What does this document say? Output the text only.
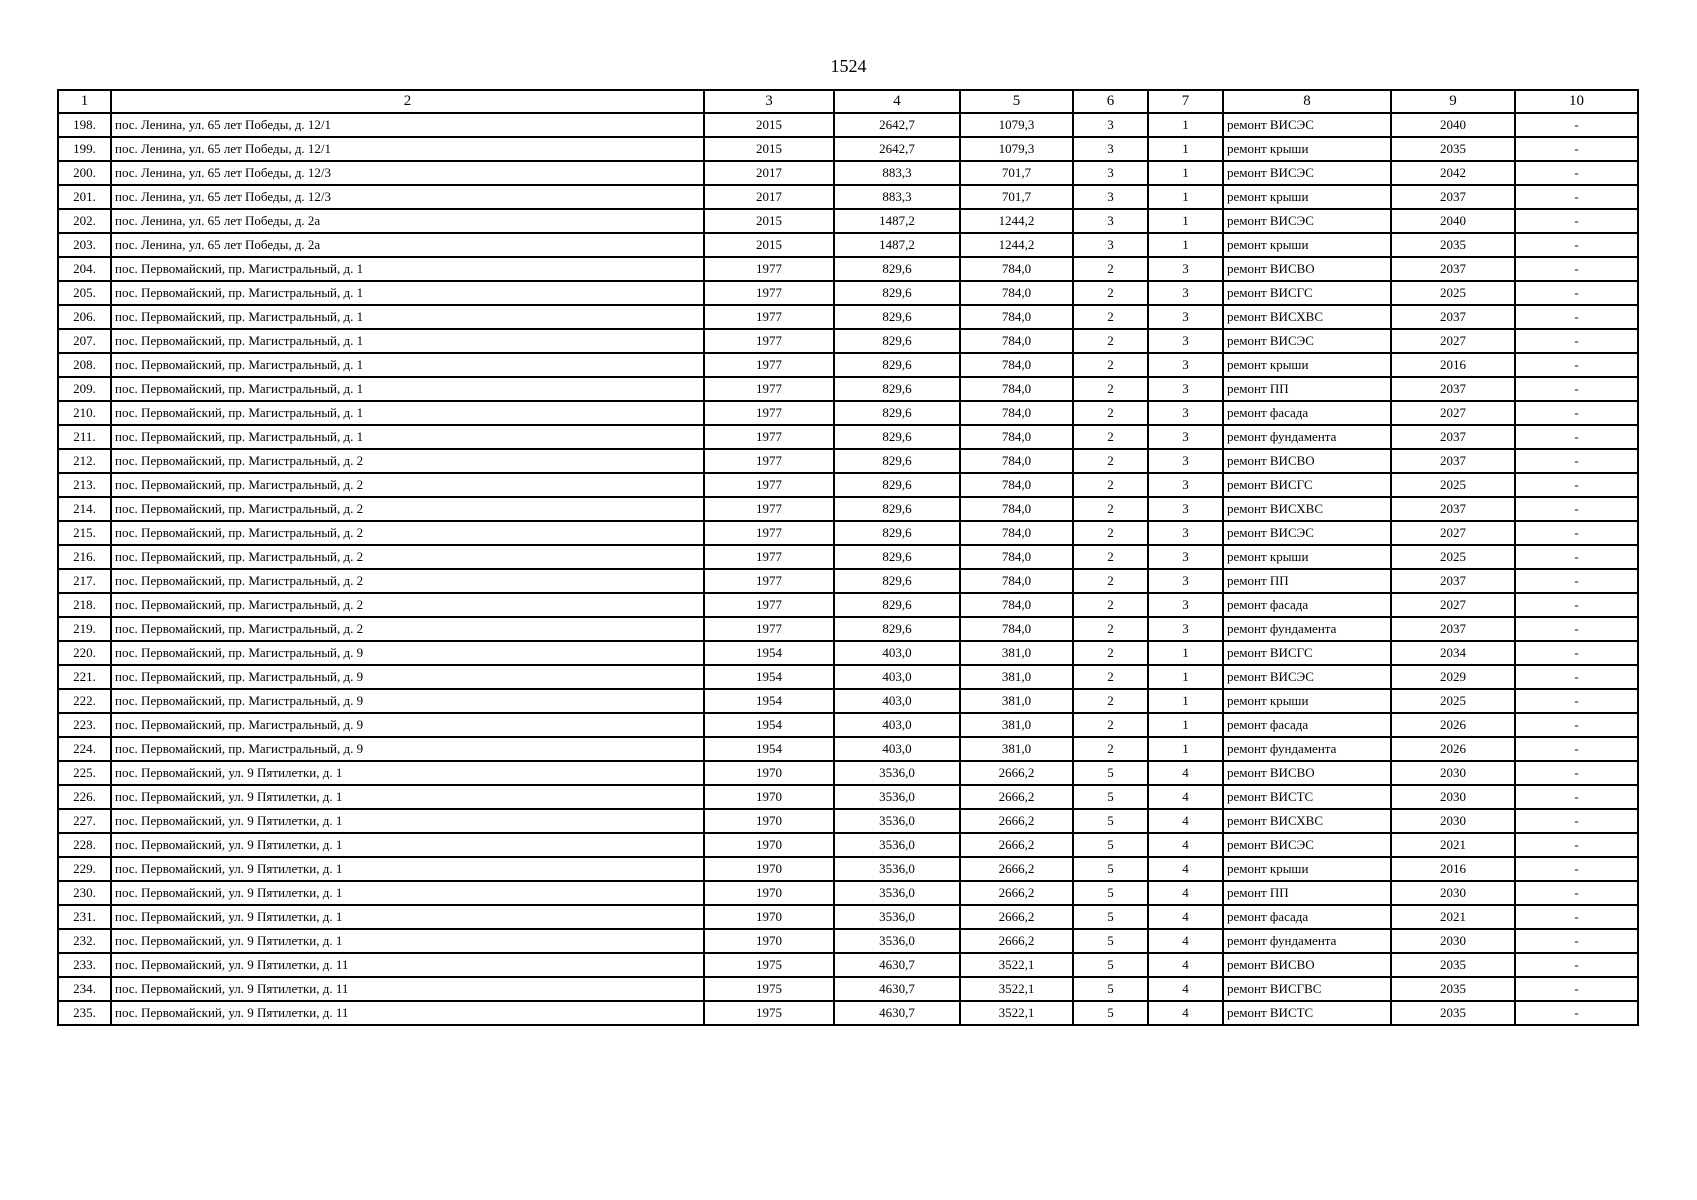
1524
1	2	3	4	5	6	7	8	9	10
198.	пос. Ленина, ул. 65 лет Победы, д. 12/1	2015	2642,7	1079,3	3	1	ремонт ВИСЭС	2040	-
199.	пос. Ленина, ул. 65 лет Победы, д. 12/1	2015	2642,7	1079,3	3	1	ремонт крыши	2035	-
200.	пос. Ленина, ул. 65 лет Победы, д. 12/3	2017	883,3	701,7	3	1	ремонт ВИСЭС	2042	-
201.	пос. Ленина, ул. 65 лет Победы, д. 12/3	2017	883,3	701,7	3	1	ремонт крыши	2037	-
202.	пос. Ленина, ул. 65 лет Победы, д. 2а	2015	1487,2	1244,2	3	1	ремонт ВИСЭС	2040	-
203.	пос. Ленина, ул. 65 лет Победы, д. 2а	2015	1487,2	1244,2	3	1	ремонт крыши	2035	-
204.	пос. Первомайский, пр. Магистральный, д. 1	1977	829,6	784,0	2	3	ремонт ВИСВО	2037	-
205.	пос. Первомайский, пр. Магистральный, д. 1	1977	829,6	784,0	2	3	ремонт ВИСГС	2025	-
206.	пос. Первомайский, пр. Магистральный, д. 1	1977	829,6	784,0	2	3	ремонт ВИСХВС	2037	-
207.	пос. Первомайский, пр. Магистральный, д. 1	1977	829,6	784,0	2	3	ремонт ВИСЭС	2027	-
208.	пос. Первомайский, пр. Магистральный, д. 1	1977	829,6	784,0	2	3	ремонт крыши	2016	-
209.	пос. Первомайский, пр. Магистральный, д. 1	1977	829,6	784,0	2	3	ремонт ПП	2037	-
210.	пос. Первомайский, пр. Магистральный, д. 1	1977	829,6	784,0	2	3	ремонт фасада	2027	-
211.	пос. Первомайский, пр. Магистральный, д. 1	1977	829,6	784,0	2	3	ремонт фундамента	2037	-
212.	пос. Первомайский, пр. Магистральный, д. 2	1977	829,6	784,0	2	3	ремонт ВИСВО	2037	-
213.	пос. Первомайский, пр. Магистральный, д. 2	1977	829,6	784,0	2	3	ремонт ВИСГС	2025	-
214.	пос. Первомайский, пр. Магистральный, д. 2	1977	829,6	784,0	2	3	ремонт ВИСХВС	2037	-
215.	пос. Первомайский, пр. Магистральный, д. 2	1977	829,6	784,0	2	3	ремонт ВИСЭС	2027	-
216.	пос. Первомайский, пр. Магистральный, д. 2	1977	829,6	784,0	2	3	ремонт крыши	2025	-
217.	пос. Первомайский, пр. Магистральный, д. 2	1977	829,6	784,0	2	3	ремонт ПП	2037	-
218.	пос. Первомайский, пр. Магистральный, д. 2	1977	829,6	784,0	2	3	ремонт фасада	2027	-
219.	пос. Первомайский, пр. Магистральный, д. 2	1977	829,6	784,0	2	3	ремонт фундамента	2037	-
220.	пос. Первомайский, пр. Магистральный, д. 9	1954	403,0	381,0	2	1	ремонт ВИСГС	2034	-
221.	пос. Первомайский, пр. Магистральный, д. 9	1954	403,0	381,0	2	1	ремонт ВИСЭС	2029	-
222.	пос. Первомайский, пр. Магистральный, д. 9	1954	403,0	381,0	2	1	ремонт крыши	2025	-
223.	пос. Первомайский, пр. Магистральный, д. 9	1954	403,0	381,0	2	1	ремонт фасада	2026	-
224.	пос. Первомайский, пр. Магистральный, д. 9	1954	403,0	381,0	2	1	ремонт фундамента	2026	-
225.	пос. Первомайский, ул. 9 Пятилетки, д. 1	1970	3536,0	2666,2	5	4	ремонт ВИСВО	2030	-
226.	пос. Первомайский, ул. 9 Пятилетки, д. 1	1970	3536,0	2666,2	5	4	ремонт ВИСТС	2030	-
227.	пос. Первомайский, ул. 9 Пятилетки, д. 1	1970	3536,0	2666,2	5	4	ремонт ВИСХВС	2030	-
228.	пос. Первомайский, ул. 9 Пятилетки, д. 1	1970	3536,0	2666,2	5	4	ремонт ВИСЭС	2021	-
229.	пос. Первомайский, ул. 9 Пятилетки, д. 1	1970	3536,0	2666,2	5	4	ремонт крыши	2016	-
230.	пос. Первомайский, ул. 9 Пятилетки, д. 1	1970	3536,0	2666,2	5	4	ремонт ПП	2030	-
231.	пос. Первомайский, ул. 9 Пятилетки, д. 1	1970	3536,0	2666,2	5	4	ремонт фасада	2021	-
232.	пос. Первомайский, ул. 9 Пятилетки, д. 1	1970	3536,0	2666,2	5	4	ремонт фундамента	2030	-
233.	пос. Первомайский, ул. 9 Пятилетки, д. 11	1975	4630,7	3522,1	5	4	ремонт ВИСВО	2035	-
234.	пос. Первомайский, ул. 9 Пятилетки, д. 11	1975	4630,7	3522,1	5	4	ремонт ВИСГВС	2035	-
235.	пос. Первомайский, ул. 9 Пятилетки, д. 11	1975	4630,7	3522,1	5	4	ремонт ВИСТС	2035	-
